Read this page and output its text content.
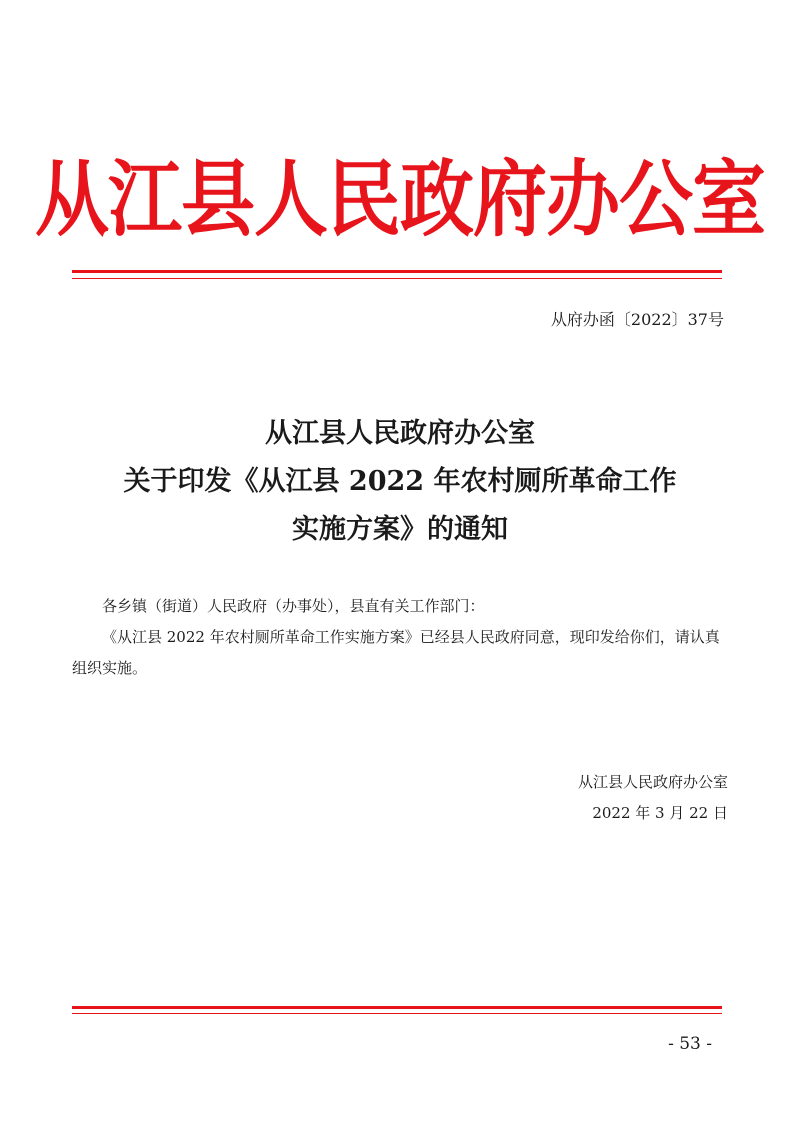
从江县人民政府办公室
从府办函〔2022〕37号
从江县人民政府办公室
关于印发《从江县 2022 年农村厕所革命工作
实施方案》的通知
各乡镇（街道）人民政府（办事处），县直有关工作部门：
《从江县 2022 年农村厕所革命工作实施方案》已经县人民政府同意，现印发给你们，请认真组织实施。
从江县人民政府办公室
2022 年 3 月 22 日
- 53 -
